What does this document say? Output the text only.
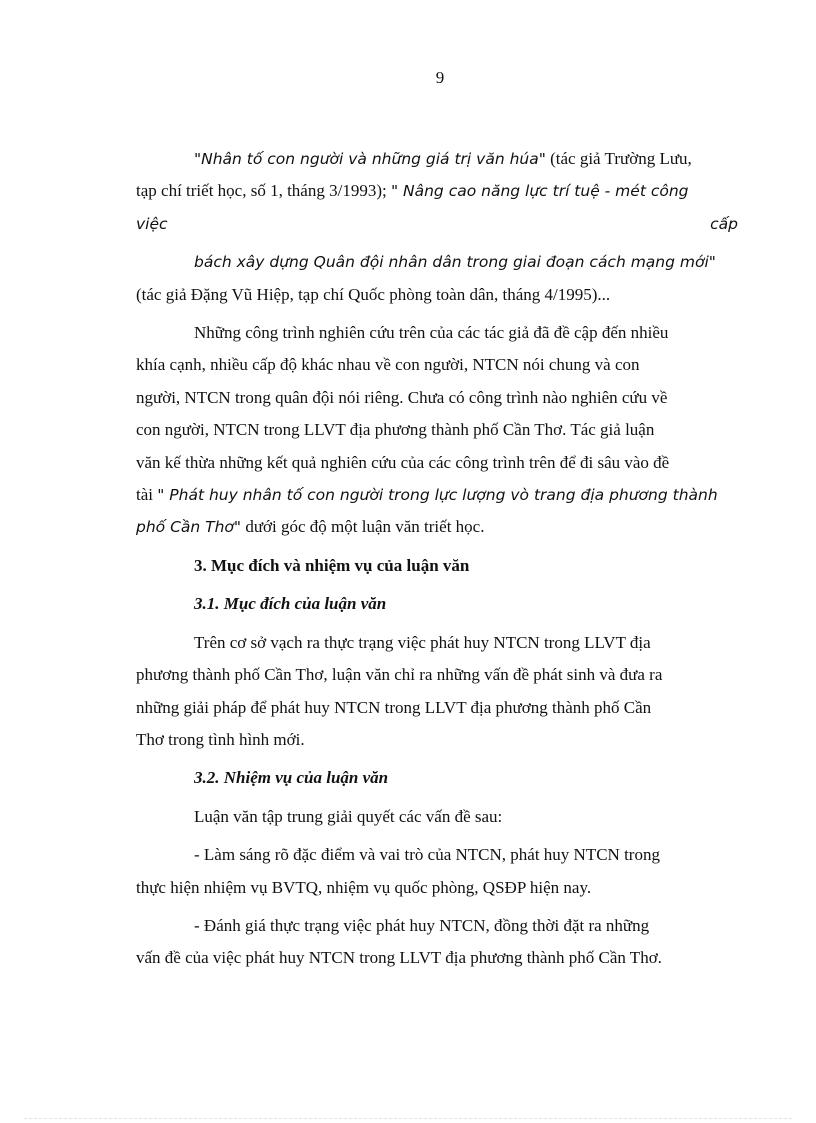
9
"Nhân tố con người và những giá trị văn húa" (tác giả Trường Lưu,
tạp chí triết học, số 1, tháng 3/1993); " Nâng cao năng lực trí tuệ - mét công
việc	cấp
bách xây dựng Quân đội nhân dân trong giai đoạn cách mạng mới"
(tác giả Đặng Vũ Hiệp, tạp chí Quốc phòng toàn dân, tháng 4/1995)...
Những công trình nghiên cứu trên của các tác giả đã đề cập đến nhiều
khía cạnh, nhiều cấp độ khác nhau về con người, NTCN nói chung và con
người, NTCN trong quân đội nói riêng. Chưa có công trình nào nghiên cứu về
con người, NTCN trong LLVT địa phương thành phố Cần Thơ. Tác giả luận
văn kế thừa những kết quả nghiên cứu của các công trình trên để đi sâu vào đề
tài " Phát huy nhân tố con người trong lực lượng vò trang địa phương thành
phố Cần Thơ" dưới góc độ một luận văn triết học.
3. Mục đích và nhiệm vụ của luận văn
3.1. Mục đích của luận văn
Trên cơ sở vạch ra thực trạng việc phát huy NTCN trong LLVT địa
phương thành phố Cần Thơ, luận văn chỉ ra những vấn đề phát sinh và đưa ra
những giải pháp để phát huy NTCN trong LLVT địa phương thành phố Cần
Thơ trong tình hình mới.
3.2. Nhiệm vụ của luận văn
Luận văn tập trung giải quyết các vấn đề sau:
- Làm sáng rõ đặc điểm và vai trò của NTCN, phát huy NTCN trong
thực hiện nhiệm vụ BVTQ, nhiệm vụ quốc phòng, QSĐP hiện nay.
- Đánh giá thực trạng việc phát huy NTCN, đồng thời đặt ra những
vấn đề của việc phát huy NTCN trong LLVT địa phương thành phố Cần Thơ.
